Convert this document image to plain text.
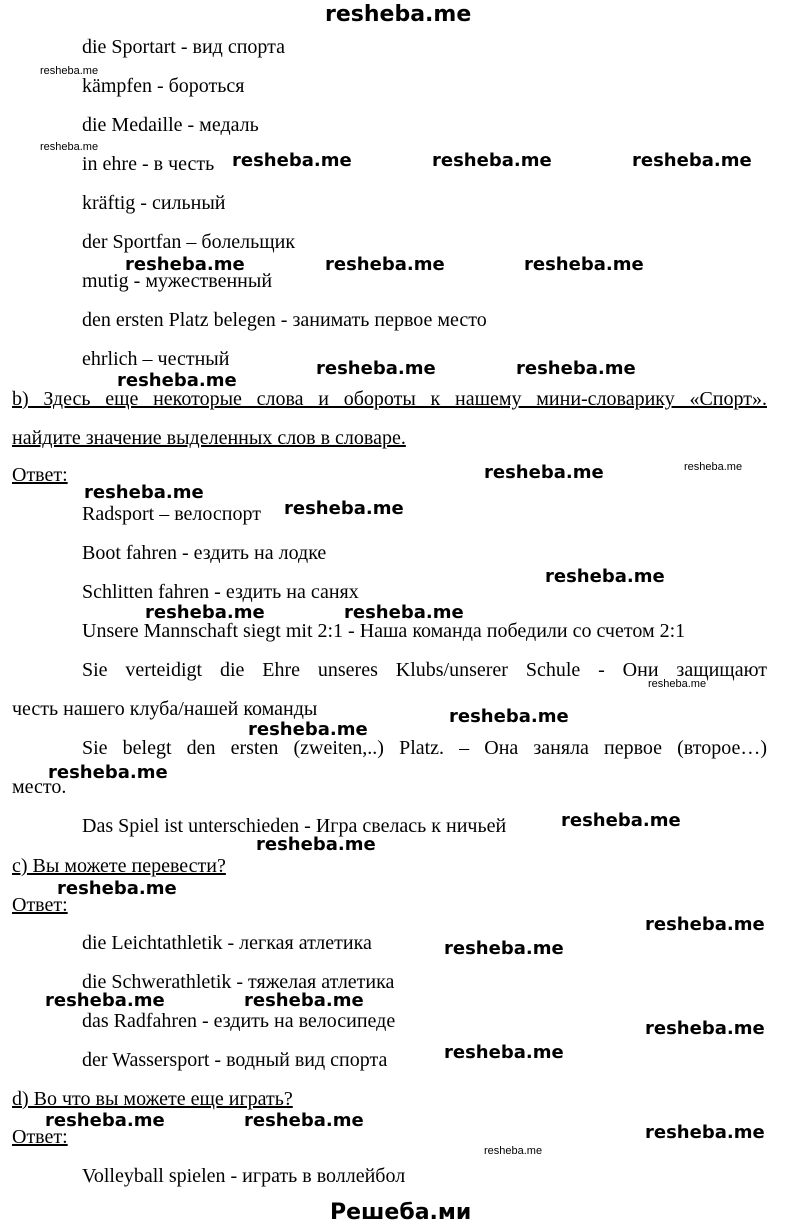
resheba.me
die Sportart - вид спорта
kämpfen - бороться
die Medaille - медаль
in ehre - в честь
kräftig - сильный
der Sportfan – болельщик
mutig - мужественный
den ersten Platz belegen - занимать первое место
ehrlich – честный
b) Здесь еще некоторые слова и обороты к нашему мини-словарику «Спорт».
найдите значение выделенных слов в словаре.
Ответ:
Radsport – велоспорт
Boot fahren - ездить на лодке
Schlitten fahren - ездить на санях
Unsere Mannschaft siegt mit 2:1 - Наша команда победили со счетом 2:1
Sie verteidigt die Ehre unseres Klubs/unserer Schule - Они защищают
честь нашего клуба/нашей команды
Sie belegt den ersten (zweiten,..) Platz. – Она заняла первое (второе…)
место.
Das Spiel ist unterschieden - Игра свелась к ничьей
c) Вы можете перевести?
Ответ:
die Leichtathletik - легкая атлетика
die Schwerathletik - тяжелая атлетика
das Radfahren - ездить на велосипеде
der Wassersport - водный вид спорта
d) Во что вы можете еще играть?
Ответ:
Volleyball spielen - играть в воллейбол
Решеба.ми
resheba.me	resheba.me	resheba.me
resheba.me	resheba.me	resheba.me
resheba.me	resheba.me
resheba.me
resheba.me
resheba.me
resheba.me
resheba.me
resheba.me	resheba.me
resheba.me
resheba.me
resheba.me
resheba.me
resheba.me
resheba.me
resheba.me
resheba.me
resheba.me	resheba.me
resheba.me
resheba.me
resheba.me	resheba.me
resheba.me
resheba.me
resheba.me
resheba.me
resheba.me
resheba.me
